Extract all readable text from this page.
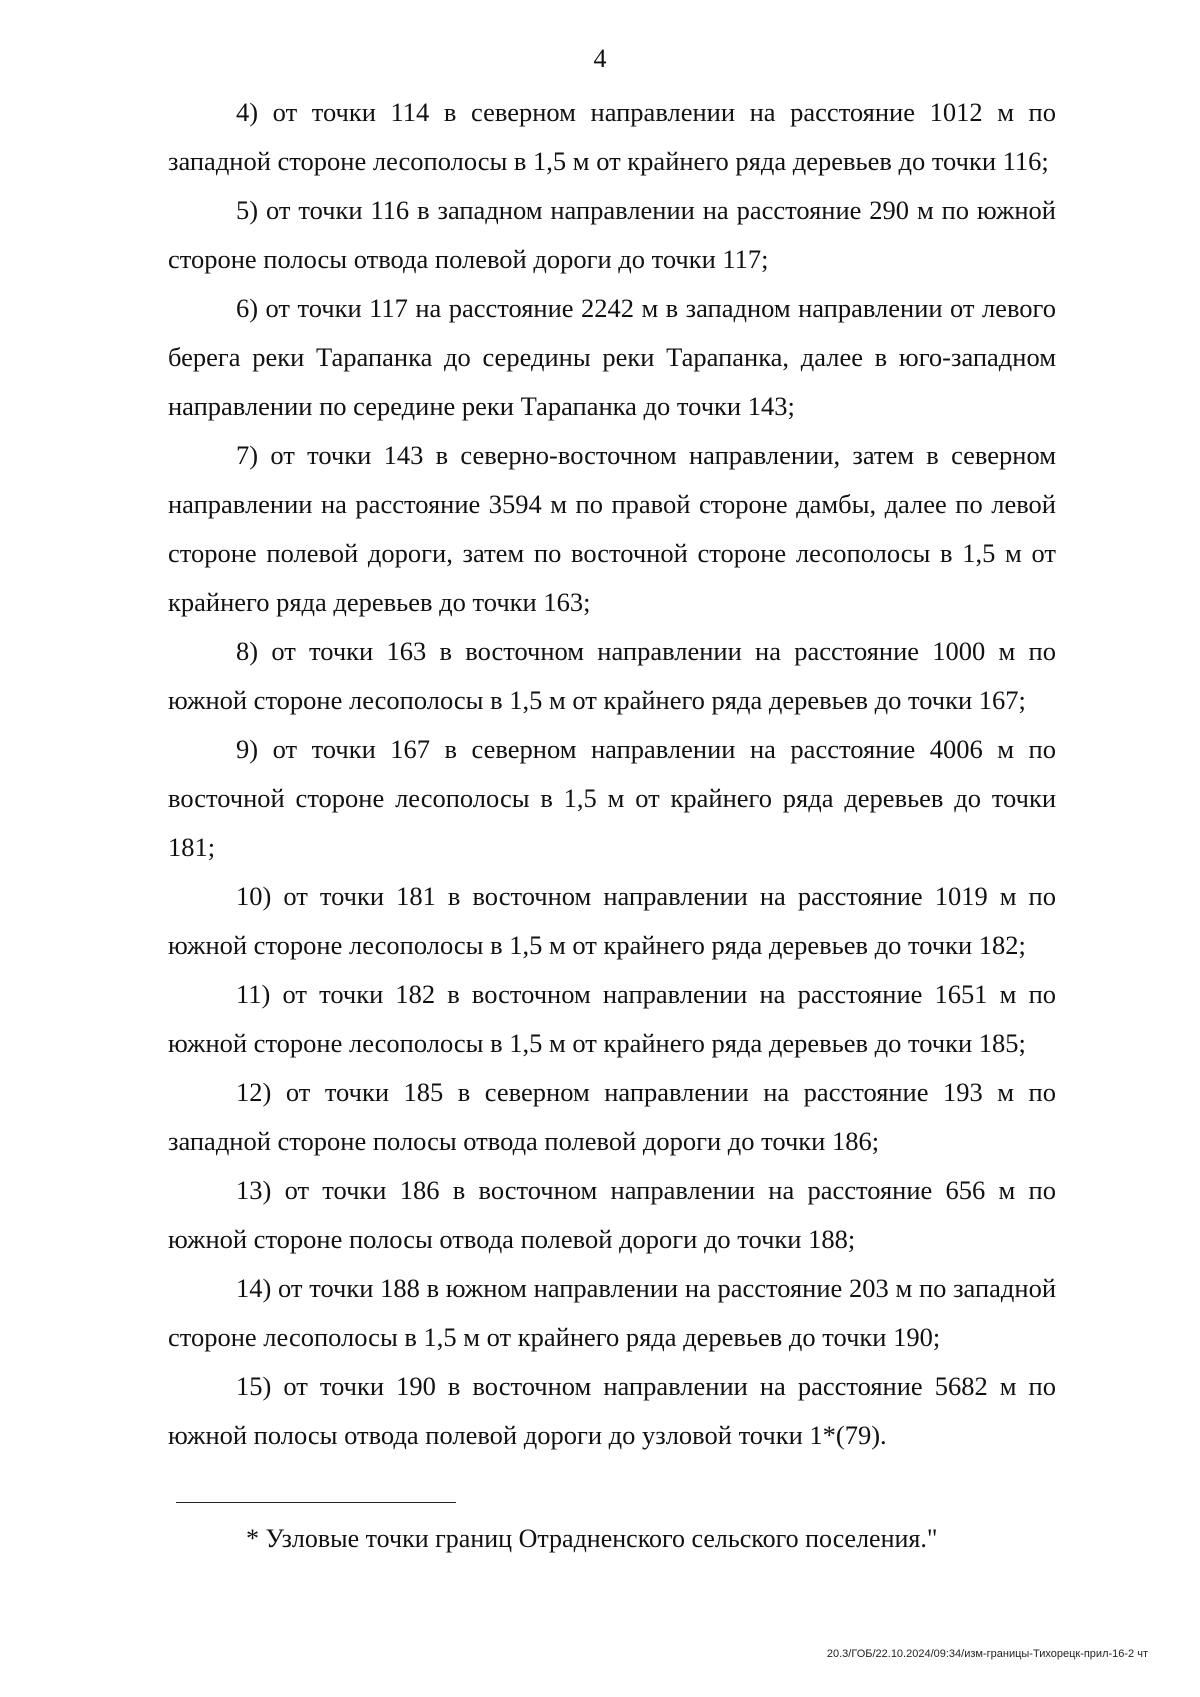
4

4) от точки 114 в северном направлении на расстояние 1012 м по западной стороне лесополосы в 1,5 м от крайнего ряда деревьев до точки 116;

5) от точки 116 в западном направлении на расстояние 290 м по южной стороне полосы отвода полевой дороги до точки 117;

6) от точки 117 на расстояние 2242 м в западном направлении от левого берега реки Тарапанка до середины реки Тарапанка, далее в юго-западном направлении по середине реки Тарапанка до точки 143;

7) от точки 143 в северно-восточном направлении, затем в северном направлении на расстояние 3594 м по правой стороне дамбы, далее по левой стороне полевой дороги, затем по восточной стороне лесополосы в 1,5 м от крайнего ряда деревьев до точки 163;

8) от точки 163 в восточном направлении на расстояние 1000 м по южной стороне лесополосы в 1,5 м от крайнего ряда деревьев до точки 167;

9) от точки 167 в северном направлении на расстояние 4006 м по восточной стороне лесополосы в 1,5 м от крайнего ряда деревьев до точки 181;

10) от точки 181 в восточном направлении на расстояние 1019 м по южной стороне лесополосы в 1,5 м от крайнего ряда деревьев до точки 182;

11) от точки 182 в восточном направлении на расстояние 1651 м по южной стороне лесополосы в 1,5 м от крайнего ряда деревьев до точки 185;

12) от точки 185 в северном направлении на расстояние 193 м по западной стороне полосы отвода полевой дороги до точки 186;

13) от точки 186 в восточном направлении на расстояние 656 м по южной стороне полосы отвода полевой дороги до точки 188;

14) от точки 188 в южном направлении на расстояние 203 м по западной стороне лесополосы в 1,5 м от крайнего ряда деревьев до точки 190;

15) от точки 190 в восточном направлении на расстояние 5682 м по южной полосы отвода полевой дороги до узловой точки 1*(79).

* Узловые точки границ Отрадненского сельского поселения."
20.3/ГОБ/22.10.2024/09:34/изм-границы-Тихорецк-прил-16-2 чт
